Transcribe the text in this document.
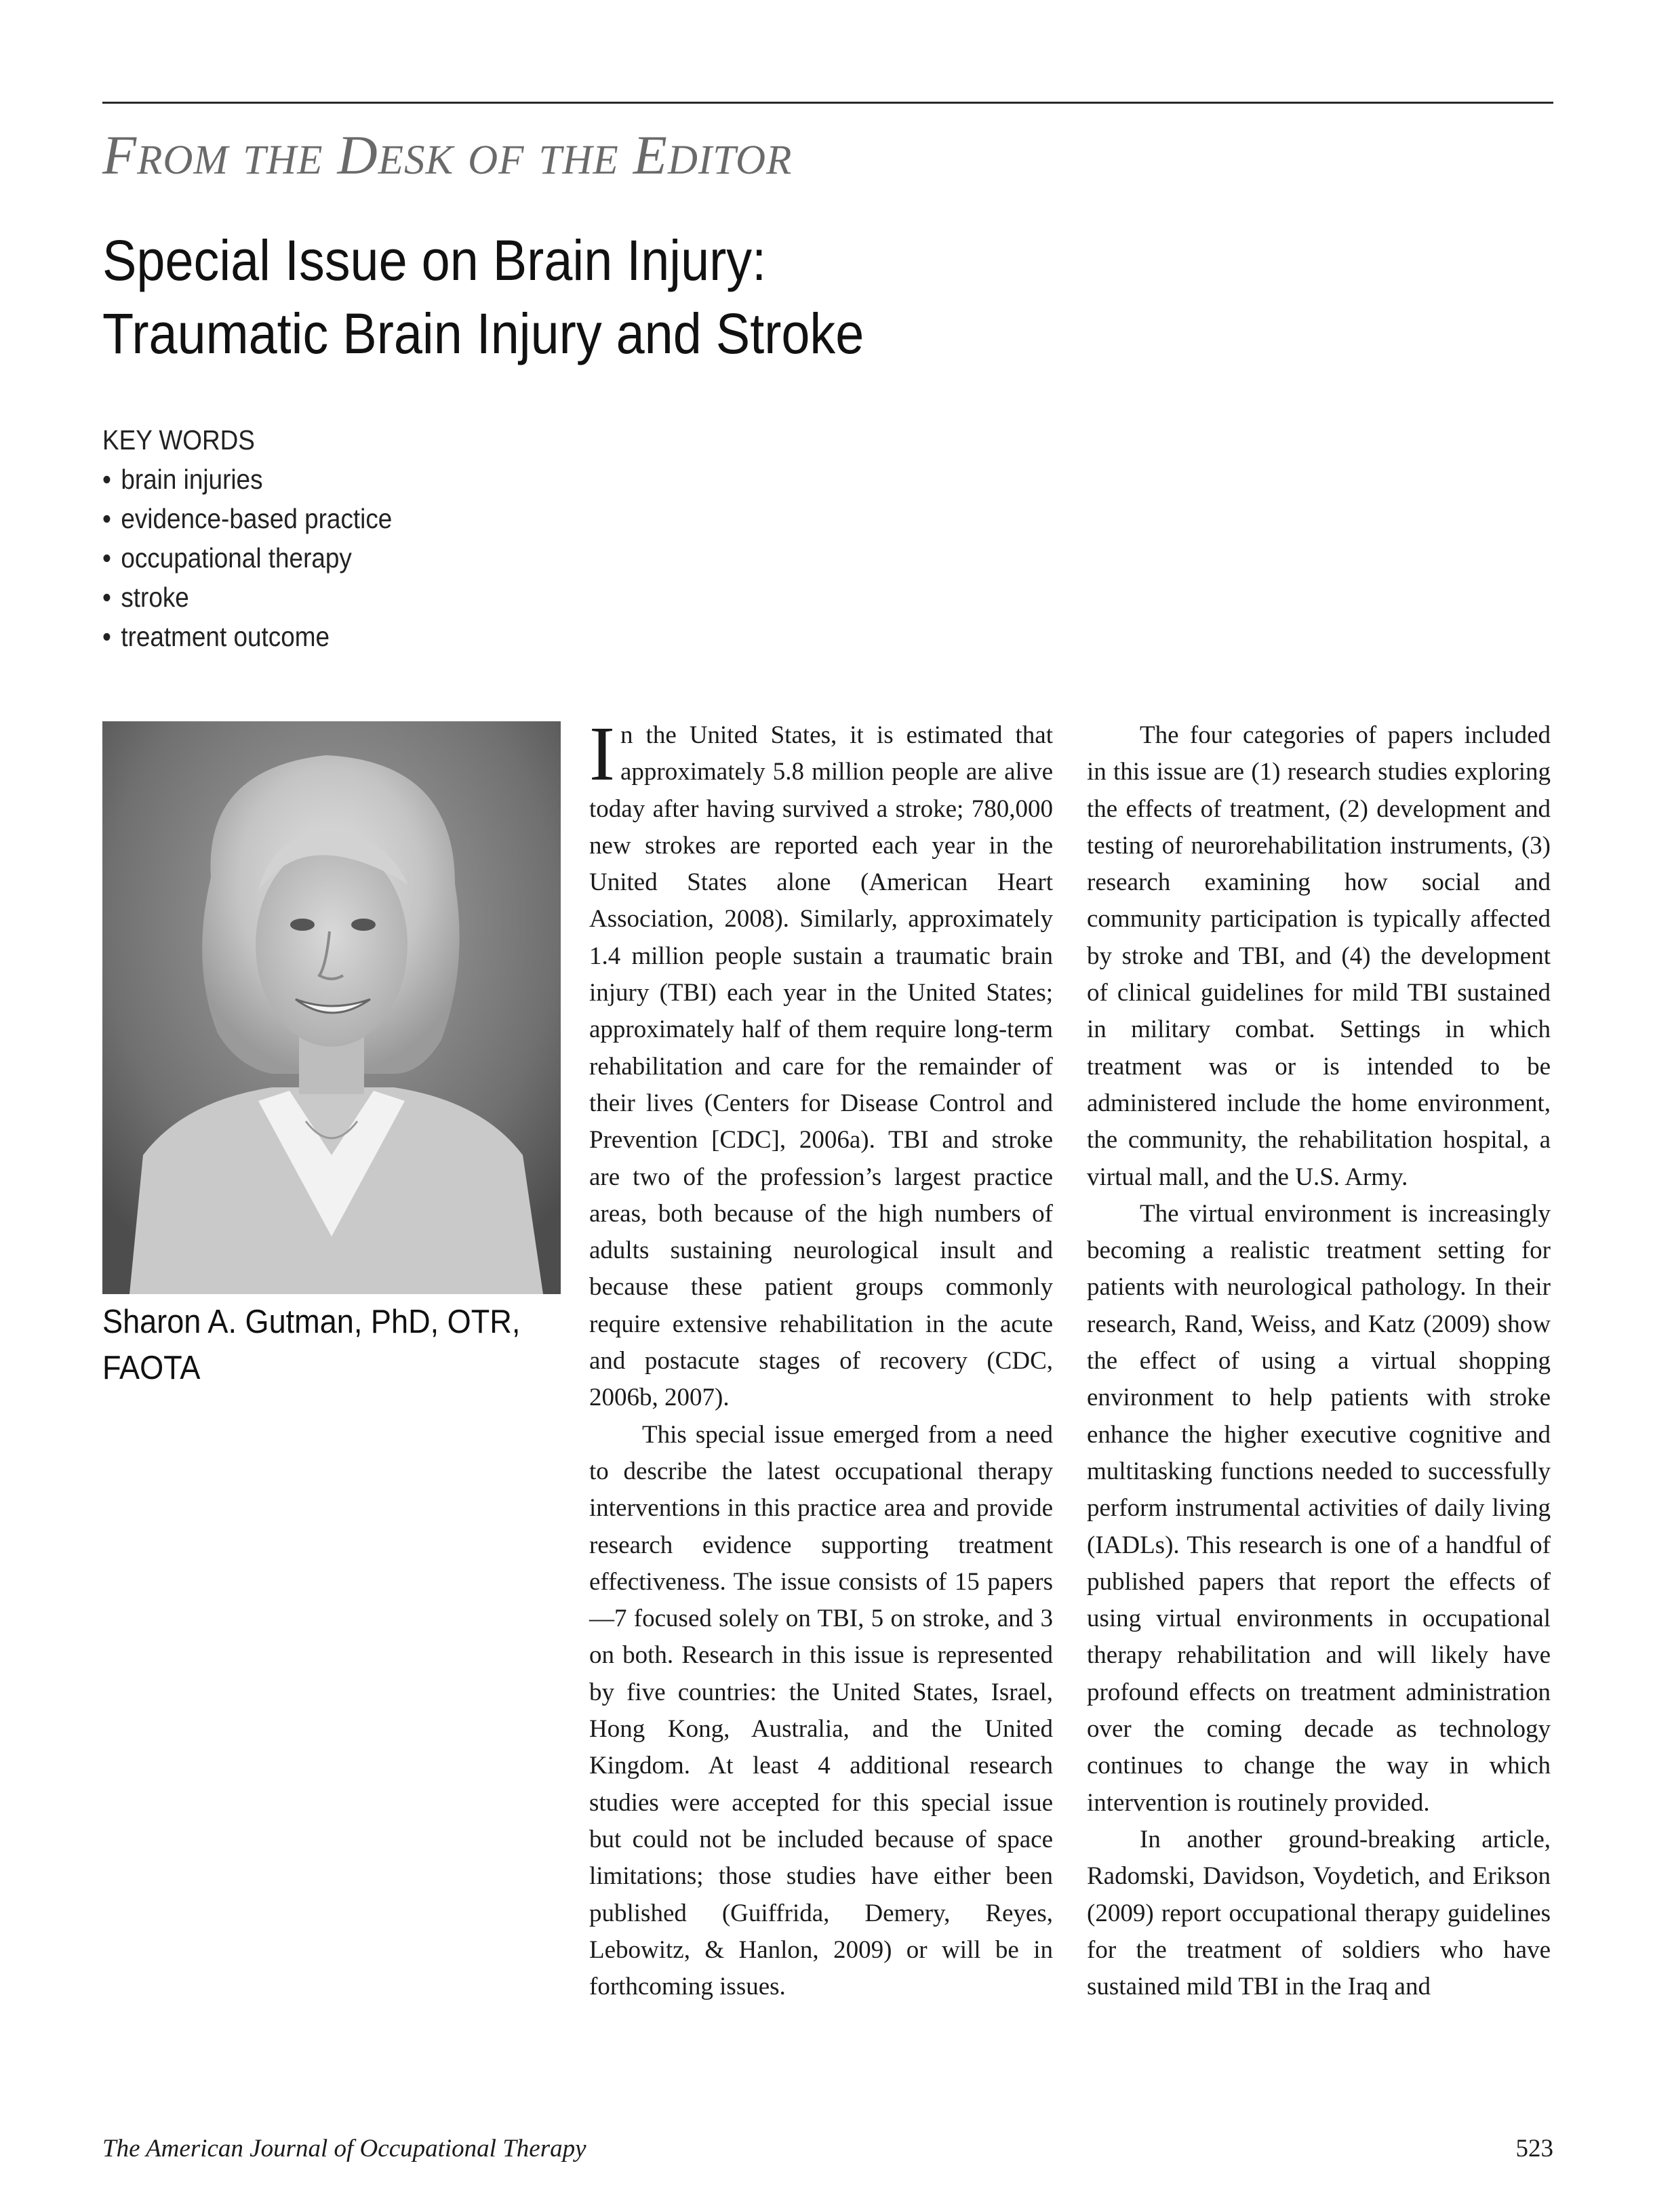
FROM THE DESK OF THE EDITOR
Special Issue on Brain Injury:
Traumatic Brain Injury and Stroke
KEY WORDS
• brain injuries
• evidence-based practice
• occupational therapy
• stroke
• treatment outcome
Sharon A. Gutman, PhD, OTR, FAOTA

In the United States, it is estimated that approximately 5.8 million people are alive today after having survived a stroke; 780,000 new strokes are reported each year in the United States alone (American Heart Association, 2008). Similarly, approximately 1.4 million people sustain a traumatic brain injury (TBI) each year in the United States; approximately half of them require long-term rehabilitation and care for the remainder of their lives (Centers for Disease Control and Prevention [CDC], 2006a). TBI and stroke are two of the profession’s largest practice areas, both because of the high numbers of adults sustaining neurological insult and because these patient groups commonly require extensive rehabilitation in the acute and postacute stages of recovery (CDC, 2006b, 2007).

This special issue emerged from a need to describe the latest occupational therapy interventions in this practice area and provide research evidence supporting treatment effectiveness. The issue consists of 15 papers—7 focused solely on TBI, 5 on stroke, and 3 on both. Research in this issue is represented by five countries: the United States, Israel, Hong Kong, Australia, and the United Kingdom. At least 4 additional research studies were accepted for this special issue but could not be included because of space limitations; those studies have either been published (Guiffrida, Demery, Reyes, Lebowitz, & Hanlon, 2009) or will be in forthcoming issues.

The four categories of papers included in this issue are (1) research studies exploring the effects of treatment, (2) development and testing of neurorehabilitation instruments, (3) research examining how social and community participation is typically affected by stroke and TBI, and (4) the development of clinical guidelines for mild TBI sustained in military combat. Settings in which treatment was or is intended to be administered include the home environment, the community, the rehabilitation hospital, a virtual mall, and the U.S. Army.

The virtual environment is increasingly becoming a realistic treatment setting for patients with neurological pathology. In their research, Rand, Weiss, and Katz (2009) show the effect of using a virtual shopping environment to help patients with stroke enhance the higher executive cognitive and multitasking functions needed to successfully perform instrumental activities of daily living (IADLs). This research is one of a handful of published papers that report the effects of using virtual environments in occupational therapy rehabilitation and will likely have profound effects on treatment administration over the coming decade as technology continues to change the way in which intervention is routinely provided.

In another ground-breaking article, Radomski, Davidson, Voydetich, and Erikson (2009) report occupational therapy guidelines for the treatment of soldiers who have sustained mild TBI in the Iraq and

The American Journal of Occupational Therapy	523
